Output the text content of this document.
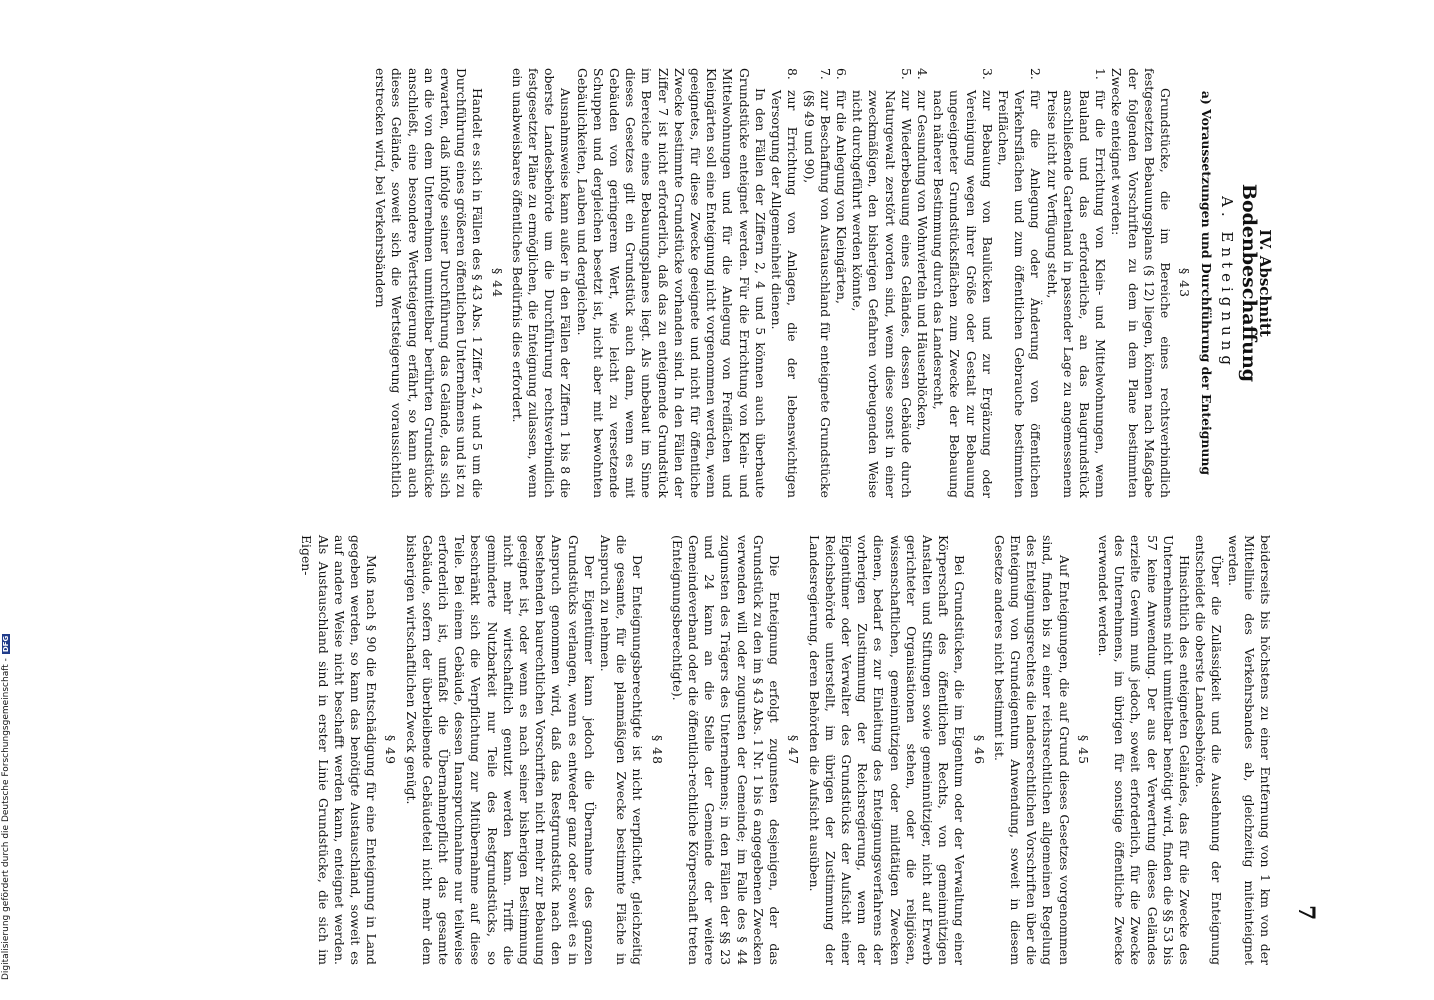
7
IV. Abschnitt
Bodenbeschaffung
A. Enteignung
a) Voraussetzungen und Durchführung der Enteignung
§ 43

Grundstücke, die im Bereiche eines rechtsverbindlich festgesetzten Bebauungsplans (§ 12) liegen, können nach Maßgabe der folgenden Vorschriften zu dem in dem Plane bestimmten Zwecke enteignet werden:

1.für die Errichtung von Klein- und Mittelwohnungen, wenn Bauland und das erforderliche, an das Baugrundstück anschließende Gartenland in passender Lage zu angemessenem Preise nicht zur Verfügung steht,
2.für die Anlegung oder Änderung von öffentlichen Verkehrsflächen und zum öffentlichen Gebrauche bestimmten Freiflächen,
3.zur Bebauung von Baulücken und zur Ergänzung oder Vereinigung wegen ihrer Größe oder Gestalt zur Bebauung ungeeigneter Grundstücksflächen zum Zwecke der Bebauung nach näherer Bestimmung durch das Landesrecht,
4.zur Gesundung von Wohnvierteln und Häuserblöcken,
5.zur Wiederbebauung eines Geländes, dessen Gebäude durch Naturgewalt zerstört worden sind, wenn diese sonst in einer zweckmäßigen, den bisherigen Gefahren vorbeugenden Weise nicht durchgeführt werden könnte,
6.für die Anlegung von Kleingärten,
7.zur Beschaffung von Austauschland für enteignete Grundstücke (§§ 49 und 90),
8.zur Errichtung von Anlagen, die der lebenswichtigen Versorgung der Allgemeinheit dienen.

In den Fällen der Ziffern 2, 4 und 5 können auch überbaute Grundstücke enteignet werden. Für die Errichtung von Klein- und Mittelwohnungen und für die Anlegung von Freiflächen und Kleingärten soll eine Enteignung nicht vorgenommen werden, wenn geeignetes, für diese Zwecke geeignete und nicht für öffentliche Zwecke bestimmte Grundstücke vorhanden sind. In den Fällen der Ziffer 7 ist nicht erforderlich, daß das zu enteignende Grundstück im Bereiche eines Bebauungsplanes liegt. Als unbebaut im Sinne dieses Gesetzes gilt ein Grundstück auch dann, wenn es mit Gebäuden von geringerem Wert, wie leicht zu versetzende Schuppen und dergleichen besetzt ist, nicht aber mit bewohnten Gebäulichkeiten, Lauben und dergleichen.

Ausnahmsweise kann außer in den Fällen der Ziffern 1 bis 8 die oberste Landesbehörde um die Durchführung rechtsverbindlich festgesetzter Pläne zu ermöglichen, die Enteignung zulassen, wenn ein unabweisbares öffentliches Bedürfnis dies erfordert.

§ 44

Handelt es sich in Fällen des § 43 Abs. 1 Ziffer 2, 4 und 5 um die Durchführung eines größeren öffentlichen Unternehmens und ist zu erwarten, daß infolge seiner Durchführung das Gelände, das sich an die von dem Unternehmen unmittelbar berührten Grundstücke anschließt, eine besondere Wertsteigerung erfährt, so kann auch dieses Gelände, soweit sich die Wertsteigerung voraussichtlich erstrecken wird, bei Verkehrsbändern

beiderseits bis höchstens zu einer Entfernung von 1 km von der Mittellinie des Verkehrsbandes ab, gleichzeitig miteinteignet werden.

Über die Zulässigkeit und die Ausdehnung der Enteignung entscheidet die oberste Landesbehörde.

Hinsichtlich des enteigneten Geländes, das für die Zwecke des Unternehmens nicht unmittelbar benötigt wird, finden die §§ 53 bis 57 keine Anwendung. Der aus der Verwertung dieses Geländes erzielte Gewinn muß jedoch, soweit erforderlich, für die Zwecke des Unternehmens, im übrigen für sonstige öffentliche Zwecke verwendet werden.

§ 45

Auf Enteignungen, die auf Grund dieses Gesetzes vorgenommen sind, finden bis zu einer reichsrechtlichen allgemeinen Regelung des Enteignungsrechtes die landesrechtlichen Vorschriften über die Enteignung von Grundeigentum Anwendung, soweit in diesem Gesetze anderes nicht bestimmt ist.

§ 46

Bei Grundstücken, die im Eigentum oder der Verwaltung einer Körperschaft des öffentlichen Rechts, von gemeinnützigen Anstalten und Stiftungen sowie gemeinnütziger, nicht auf Erwerb gerichteter Organisationen stehen, oder die religiösen, wissenschaftlichen, gemeinnützigen oder mildtätigen Zwecken dienen, bedarf es zur Einleitung des Enteignungsverfahrens der vorherigen Zustimmung der Reichsregierung, wenn der Eigentümer oder Verwalter des Grundstücks der Aufsicht einer Reichsbehörde unterstellt, im übrigen der Zustimmung der Landesregierung, deren Behörden die Aufsicht ausüben.

§ 47

Die Enteignung erfolgt zugunsten desjenigen, der das Grundstück zu den im § 43 Abs. 1 Nr. 1 bis 6 angegebenen Zwecken verwenden will oder zugunsten der Gemeinde; im Falle des § 44 zugunsten des Trägers des Unternehmens; in den Fällen der §§ 23 und 24 kann an die Stelle der Gemeinde der weitere Gemeindeverband oder die öffentlich-rechtliche Körperschaft treten (Enteignungsberechtigte).

§ 48

Der Enteignungsberechtigte ist nicht verpflichtet, gleichzeitig die gesamte, für die planmäßigen Zwecke bestimmte Fläche in Anspruch zu nehmen.

Der Eigentümer kann jedoch die Übernahme des ganzen Grundstücks verlangen, wenn es entweder ganz oder soweit es in Anspruch genommen wird, daß das Restgrundstück nach den bestehenden baurechtlichen Vorschriften nicht mehr zur Bebauung geeignet ist, oder wenn es nach seiner bisherigen Bestimmung nicht mehr wirtschaftlich genutzt werden kann. Trifft die geminderte Nutzbarkeit nur Teile des Restgrundstücks, so beschränkt sich die Verpflichtung zur Mitübernahme auf diese Teile. Bei einem Gebäude, dessen Inanspruchnahme nur teilweise erforderlich ist, umfaßt die Übernahmepflicht das gesamte Gebäude, sofern der überbleibende Gebäudeteil nicht mehr dem bisherigen wirtschaftlichen Zweck genügt.

§ 49

Muß nach § 90 die Entschädigung für eine Enteignung in Land gegeben werden, so kann das benötigte Austauschland, soweit es auf andere Weise nicht beschafft werden kann, enteignet werden. Als Austauschland sind in erster Linie Grundstücke, die sich im Eigen-

Digitalisierung gefördert durch die Deutsche Forschungsgemeinschaft -DFG
